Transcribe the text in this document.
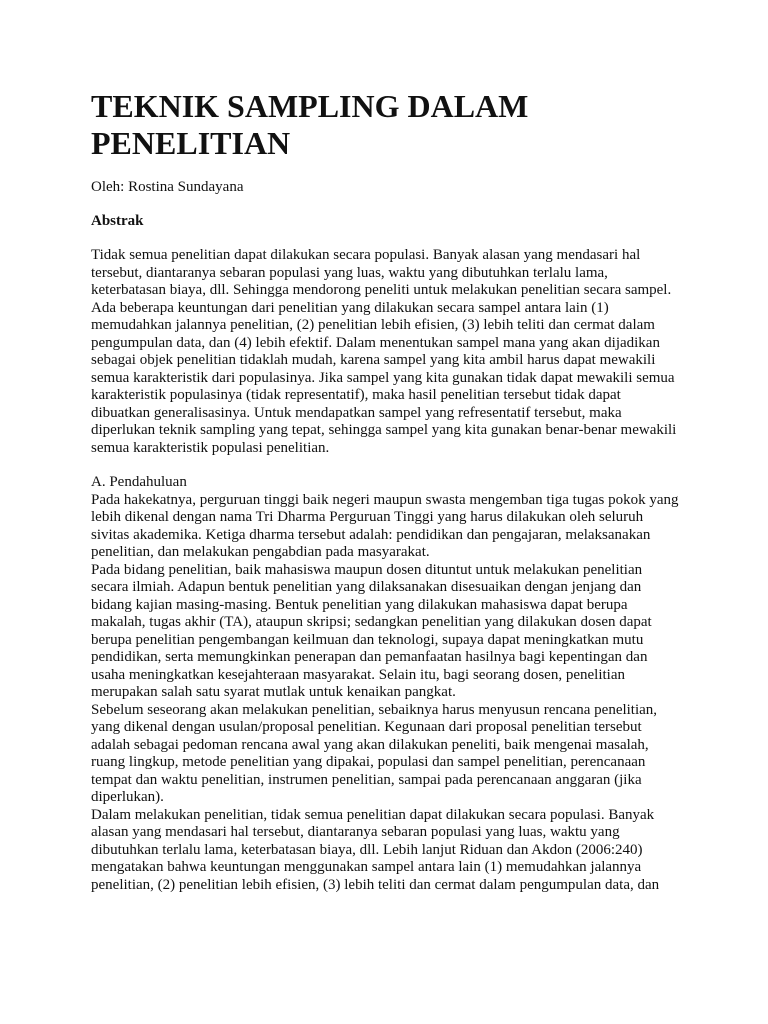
TEKNIK SAMPLING DALAM PENELITIAN

Oleh: Rostina Sundayana

Abstrak

Tidak semua penelitian dapat dilakukan secara populasi. Banyak alasan yang mendasari hal tersebut, diantaranya sebaran populasi yang luas, waktu yang dibutuhkan terlalu lama, keterbatasan biaya, dll. Sehingga mendorong peneliti untuk melakukan penelitian secara sampel. Ada beberapa keuntungan dari penelitian yang dilakukan secara sampel antara lain (1) memudahkan jalannya penelitian, (2) penelitian lebih efisien, (3) lebih teliti dan cermat dalam pengumpulan data, dan (4) lebih efektif. Dalam menentukan sampel mana yang akan dijadikan sebagai objek penelitian tidaklah mudah, karena sampel yang kita ambil harus dapat mewakili semua karakteristik dari populasinya. Jika sampel yang kita gunakan tidak dapat mewakili semua karakteristik populasinya (tidak representatif), maka hasil penelitian tersebut tidak dapat dibuatkan generalisasinya. Untuk mendapatkan sampel yang refresentatif tersebut, maka diperlukan teknik sampling yang tepat, sehingga sampel yang kita gunakan benar-benar mewakili semua karakteristik populasi penelitian.

A. Pendahuluan

Pada hakekatnya, perguruan tinggi baik negeri maupun swasta mengemban tiga tugas pokok yang lebih dikenal dengan nama Tri Dharma Perguruan Tinggi yang harus dilakukan oleh seluruh sivitas akademika. Ketiga dharma tersebut adalah: pendidikan dan pengajaran, melaksanakan penelitian, dan melakukan pengabdian pada masyarakat.

Pada bidang penelitian, baik mahasiswa maupun dosen dituntut untuk melakukan penelitian secara ilmiah. Adapun bentuk penelitian yang dilaksanakan disesuaikan dengan jenjang dan bidang kajian masing-masing. Bentuk penelitian yang dilakukan mahasiswa dapat berupa makalah, tugas akhir (TA), ataupun skripsi; sedangkan penelitian yang dilakukan dosen dapat berupa penelitian pengembangan keilmuan dan teknologi, supaya dapat meningkatkan mutu pendidikan, serta memungkinkan penerapan dan pemanfaatan hasilnya bagi kepentingan dan usaha meningkatkan kesejahteraan masyarakat. Selain itu, bagi seorang dosen, penelitian merupakan salah satu syarat mutlak untuk kenaikan pangkat.

Sebelum seseorang akan melakukan penelitian, sebaiknya harus menyusun rencana penelitian, yang dikenal dengan usulan/proposal penelitian. Kegunaan dari proposal penelitian tersebut adalah sebagai pedoman rencana awal yang akan dilakukan peneliti, baik mengenai masalah, ruang lingkup, metode penelitian yang dipakai, populasi dan sampel penelitian, perencanaan tempat dan waktu penelitian, instrumen penelitian, sampai pada perencanaan anggaran (jika diperlukan).

Dalam melakukan penelitian, tidak semua penelitian dapat dilakukan secara populasi. Banyak alasan yang mendasari hal tersebut, diantaranya sebaran populasi yang luas, waktu yang dibutuhkan terlalu lama, keterbatasan biaya, dll. Lebih lanjut Riduan dan Akdon (2006:240) mengatakan bahwa keuntungan menggunakan sampel antara lain (1) memudahkan jalannya penelitian, (2) penelitian lebih efisien, (3) lebih teliti dan cermat dalam pengumpulan data, dan
